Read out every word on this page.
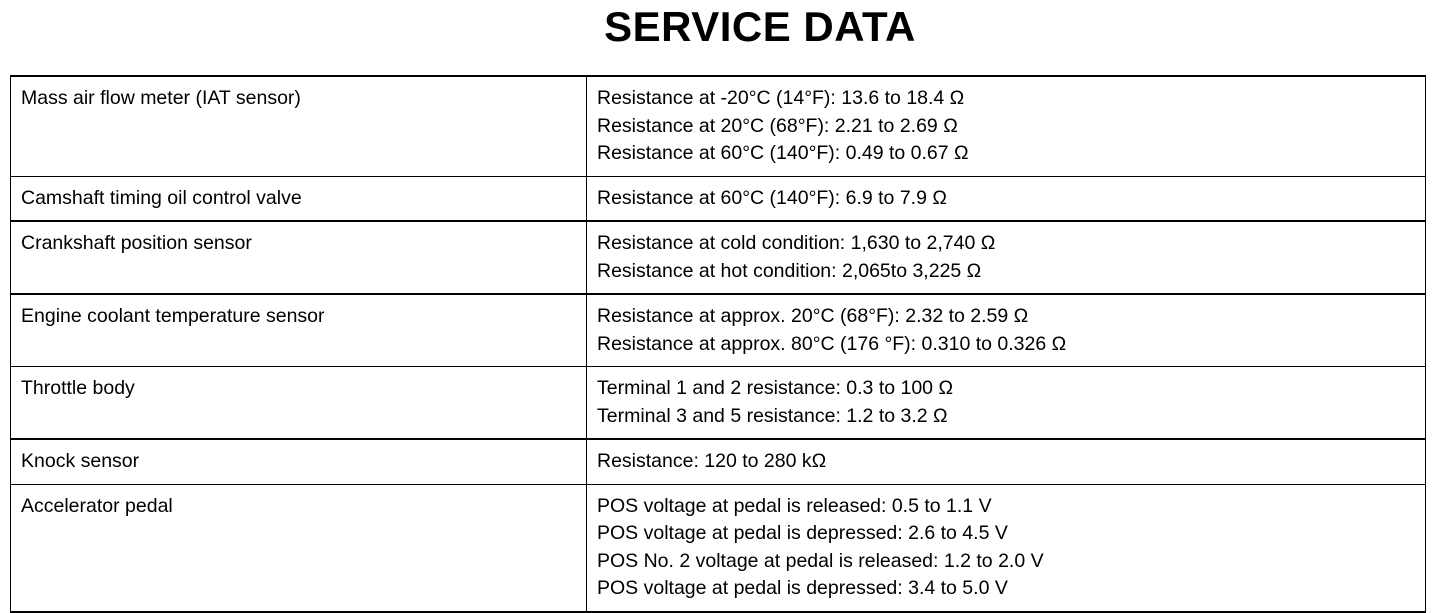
SERVICE DATA
Mass air flow meter (IAT sensor)	Resistance at -20°C (14°F): 13.6 to 18.4 Ω
Resistance at 20°C (68°F): 2.21 to 2.69 Ω
Resistance at 60°C (140°F): 0.49 to 0.67 Ω

Camshaft timing oil control valve	Resistance at 60°C (140°F): 6.9 to 7.9 Ω

Crankshaft position sensor	Resistance at cold condition: 1,630 to 2,740 Ω
Resistance at hot condition: 2,065to 3,225 Ω

Engine coolant temperature sensor	Resistance at approx. 20°C (68°F): 2.32 to 2.59 Ω
Resistance at approx. 80°C (176 °F): 0.310 to 0.326 Ω

Throttle body	Terminal 1 and 2 resistance: 0.3 to 100 Ω
Terminal 3 and 5 resistance: 1.2 to 3.2 Ω

Knock sensor	Resistance: 120 to 280 kΩ

Accelerator pedal	POS voltage at pedal is released: 0.5 to 1.1 V
POS voltage at pedal is depressed: 2.6 to 4.5 V
POS No. 2 voltage at pedal is released: 1.2 to 2.0 V
POS voltage at pedal is depressed: 3.4 to 5.0 V
